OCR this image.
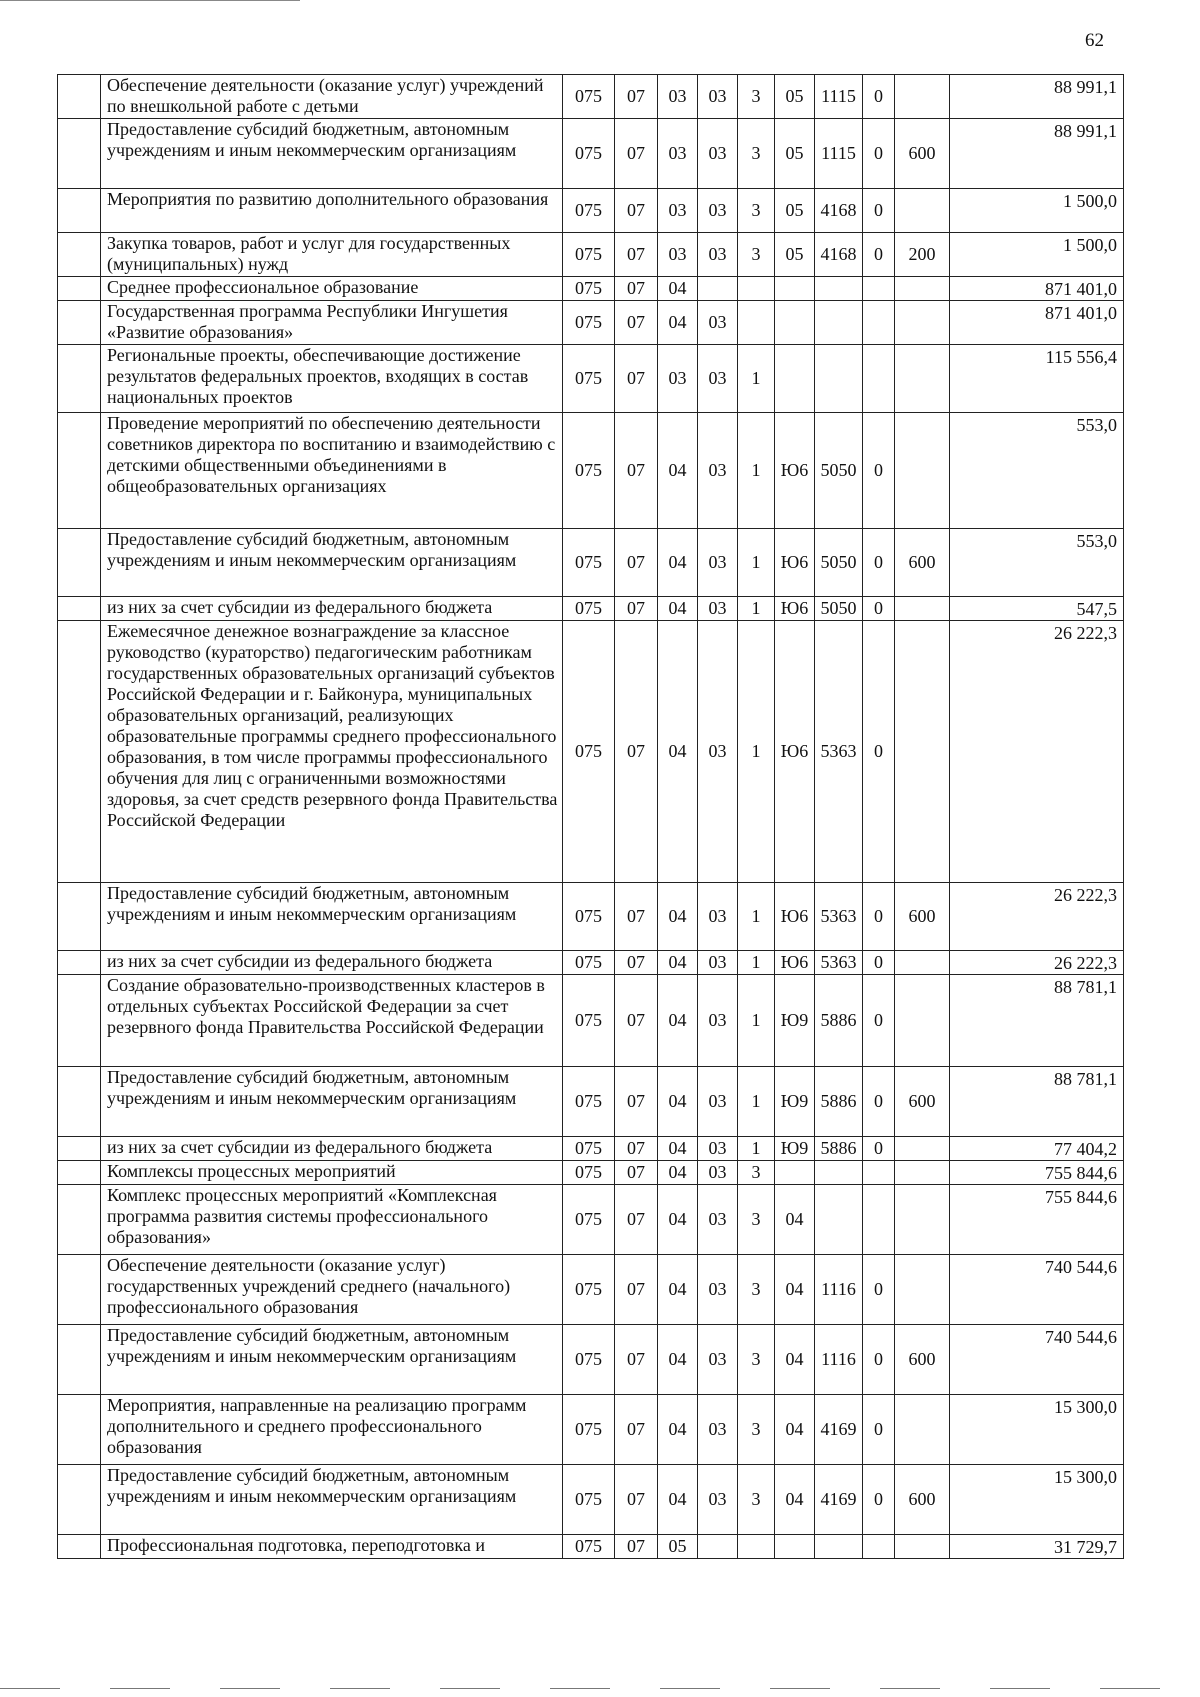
62
	Обеспечение деятельности (оказание услуг) учреждений по внешкольной работе с детьми	075	07	03	03	3	05	1115	0		88 991,1
	Предоставление субсидий бюджетным, автономным учреждениям и иным некоммерческим организациям	075	07	03	03	3	05	1115	0	600	88 991,1
	Мероприятия по развитию дополнительного образования	075	07	03	03	3	05	4168	0		1 500,0
	Закупка товаров, работ и услуг для государственных (муниципальных) нужд	075	07	03	03	3	05	4168	0	200	1 500,0
	Среднее профессиональное образование	075	07	04							871 401,0
	Государственная программа Республики Ингушетия «Развитие образования»	075	07	04	03						871 401,0
	Региональные проекты, обеспечивающие достижение результатов федеральных проектов, входящих в состав национальных проектов	075	07	03	03	1					115 556,4
	Проведение мероприятий по обеспечению деятельности советников директора по воспитанию и взаимодействию с детскими общественными объединениями в общеобразовательных организациях	075	07	04	03	1	Ю6	5050	0		553,0
	Предоставление субсидий бюджетным, автономным учреждениям и иным некоммерческим организациям	075	07	04	03	1	Ю6	5050	0	600	553,0
	из них за счет субсидии из федерального бюджета	075	07	04	03	1	Ю6	5050	0		547,5
	Ежемесячное денежное вознаграждение за классное руководство (кураторство) педагогическим работникам государственных образовательных организаций субъектов Российской Федерации и г. Байконура, муниципальных образовательных организаций, реализующих образовательные программы среднего профессионального образования, в том числе программы профессионального обучения для лиц с ограниченными возможностями здоровья, за счет средств резервного фонда Правительства Российской Федерации	075	07	04	03	1	Ю6	5363	0		26 222,3
	Предоставление субсидий бюджетным, автономным учреждениям и иным некоммерческим организациям	075	07	04	03	1	Ю6	5363	0	600	26 222,3
	из них за счет субсидии из федерального бюджета	075	07	04	03	1	Ю6	5363	0		26 222,3
	Создание образовательно-производственных кластеров в отдельных субъектах Российской Федерации за счет резервного фонда Правительства Российской Федерации	075	07	04	03	1	Ю9	5886	0		88 781,1
	Предоставление субсидий бюджетным, автономным учреждениям и иным некоммерческим организациям	075	07	04	03	1	Ю9	5886	0	600	88 781,1
	из них за счет субсидии из федерального бюджета	075	07	04	03	1	Ю9	5886	0		77 404,2
	Комплексы процессных мероприятий	075	07	04	03	3					755 844,6
	Комплекс процессных мероприятий «Комплексная программа развития системы профессионального образования»	075	07	04	03	3	04				755 844,6
	Обеспечение деятельности (оказание услуг) государственных учреждений среднего (начального) профессионального образования	075	07	04	03	3	04	1116	0		740 544,6
	Предоставление субсидий бюджетным, автономным учреждениям и иным некоммерческим организациям	075	07	04	03	3	04	1116	0	600	740 544,6
	Мероприятия, направленные на реализацию программ дополнительного и среднего профессионального образования	075	07	04	03	3	04	4169	0		15 300,0
	Предоставление субсидий бюджетным, автономным учреждениям и иным некоммерческим организациям	075	07	04	03	3	04	4169	0	600	15 300,0
	Профессиональная подготовка, переподготовка и	075	07	05							31 729,7
